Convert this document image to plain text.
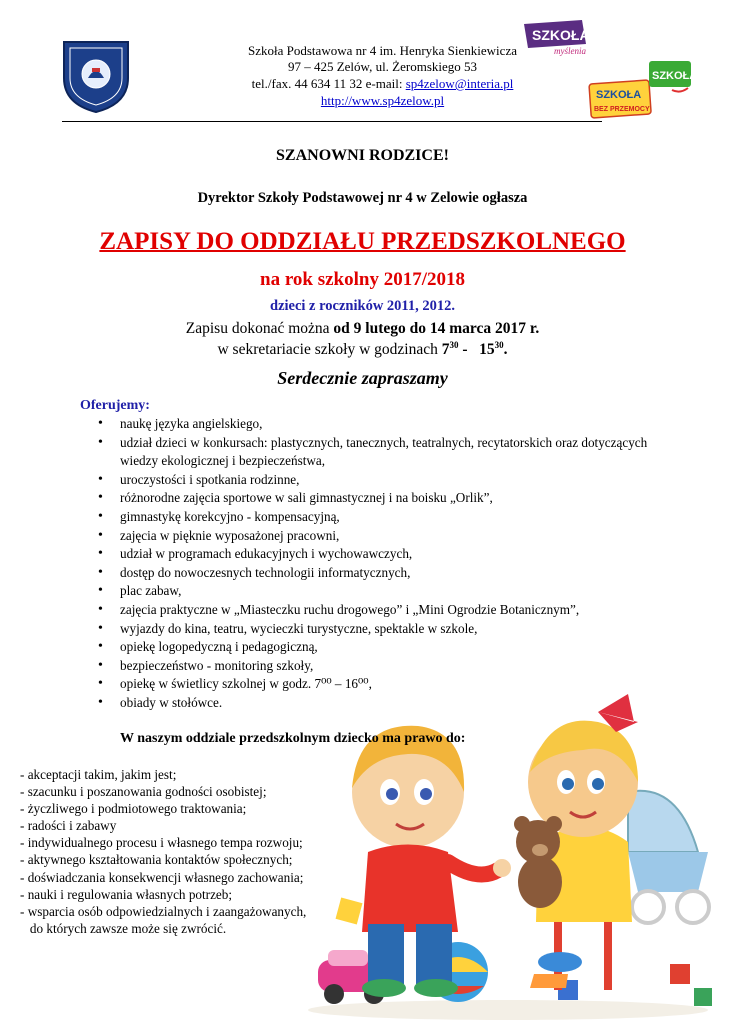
Szkoła Podstawowa nr 4 im. Henryka Sienkiewicza
97 – 425 Zelów, ul. Żeromskiego 53
tel./fax. 44 634 11 32 e-mail: sp4zelow@interia.pl
http://www.sp4zelow.pl
SZKOŁA
myślenia
SZKOŁA
BEZ PRZEMOCY
SZKOŁA
SZANOWNI RODZICE!
Dyrektor Szkoły Podstawowej nr 4 w Zelowie ogłasza
ZAPISY DO ODDZIAŁU PRZEDSZKOLNEGO
na rok szkolny 2017/2018
dzieci z roczników 2011, 2012.
Zapisu dokonać można od 9 lutego do 14 marca 2017 r.
w sekretariacie szkoły w godzinach $7^{30} - 15^{30}$.
Serdecznie zapraszamy
Oferujemy:
• naukę języka angielskiego,
• udział dzieci w konkursach: plastycznych, tanecznych, teatralnych, recytatorskich oraz dotyczących wiedzy ekologicznej i bezpieczeństwa,
• uroczystości i spotkania rodzinne,
• różnorodne zajęcia sportowe w sali gimnastycznej i na boisku „Orlik”,
• gimnastykę korekcyjno - kompensacyjną,
• zajęcia w pięknie wyposażonej pracowni,
• udział w programach edukacyjnych i wychowawczych,
• dostęp do nowoczesnych technologii informatycznych,
• plac zabaw,
• zajęcia praktyczne w „Miasteczku ruchu drogowego” i „Mini Ogrodzie Botanicznym”,
• wyjazdy do kina, teatru, wycieczki turystyczne, spektakle w szkole,
• opiekę logopedyczną i pedagogiczną,
• bezpieczeństwo - monitoring szkoły,
• opiekę w świetlicy szkolnej w godz. 7⁰⁰ – 16⁰⁰,
• obiady w stołówce.
W naszym oddziale przedszkolnym dziecko ma prawo do:
- akceptacji takim, jakim jest;
- szacunku i poszanowania godności osobistej;
- życzliwego i podmiotowego traktowania;
- radości i zabawy
- indywidualnego procesu i własnego tempa rozwoju;
- aktywnego kształtowania kontaktów społecznych;
- doświadczania konsekwencji własnego zachowania;
- nauki i regulowania własnych potrzeb;
- wsparcia osób odpowiedzialnych i zaangażowanych,
do których zawsze może się zwrócić.
